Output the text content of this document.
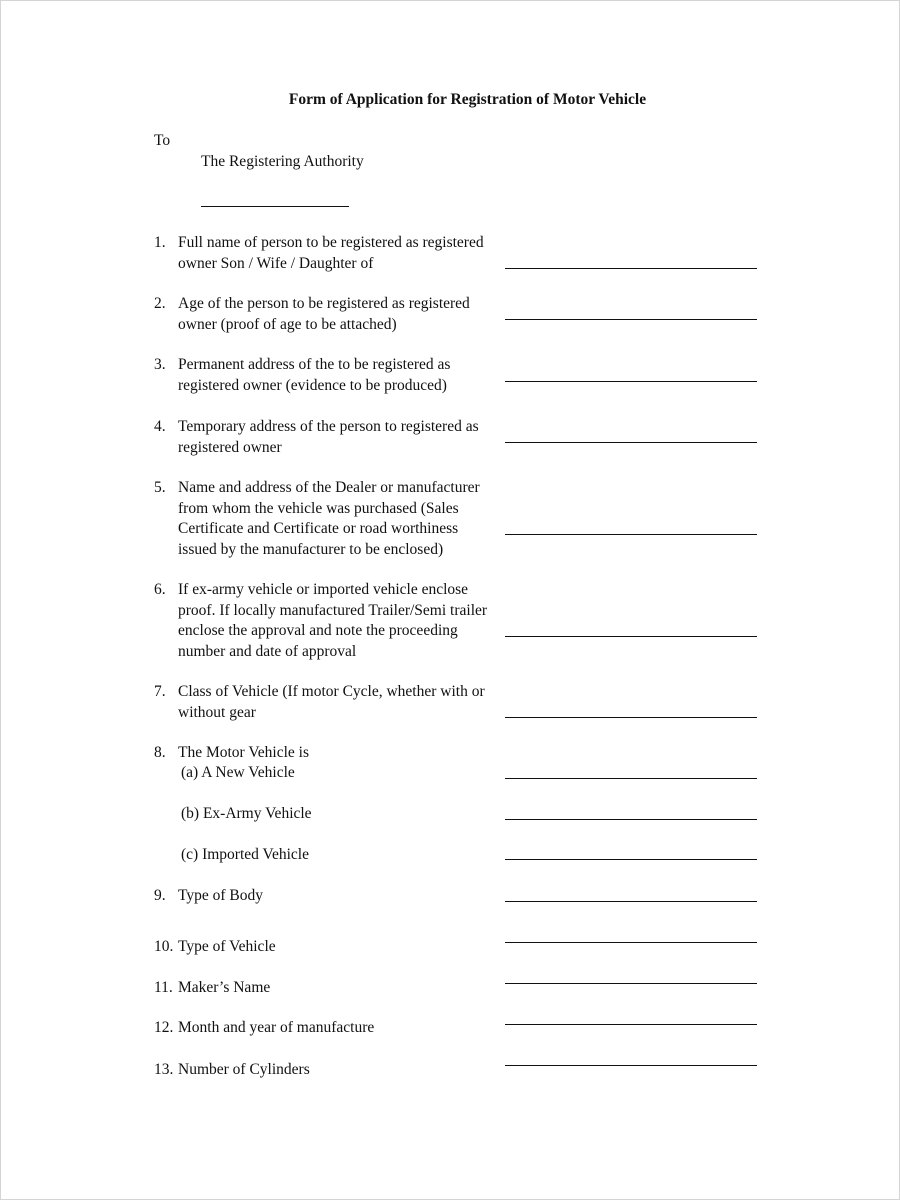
Form of Application for Registration of Motor Vehicle
To
The Registering Authority
1. Full name of person to be registered as registered owner Son / Wife / Daughter of
2. Age of the person to be registered as registered owner (proof of age to be attached)
3. Permanent address of the to be registered as registered owner (evidence to be produced)
4. Temporary address of the person to registered as registered owner
5. Name and address of the Dealer or manufacturer from whom the vehicle was purchased (Sales Certificate and Certificate or road worthiness issued by the manufacturer to be enclosed)
6. If ex-army vehicle or imported vehicle enclose proof. If locally manufactured Trailer/Semi trailer enclose the approval and note the proceeding number and date of approval
7. Class of Vehicle (If motor Cycle, whether with or without gear
8. The Motor Vehicle is
(a) A New Vehicle
(b) Ex-Army Vehicle
(c) Imported Vehicle
9. Type of Body
10. Type of Vehicle
11. Maker’s Name
12. Month and year of manufacture
13. Number of Cylinders
